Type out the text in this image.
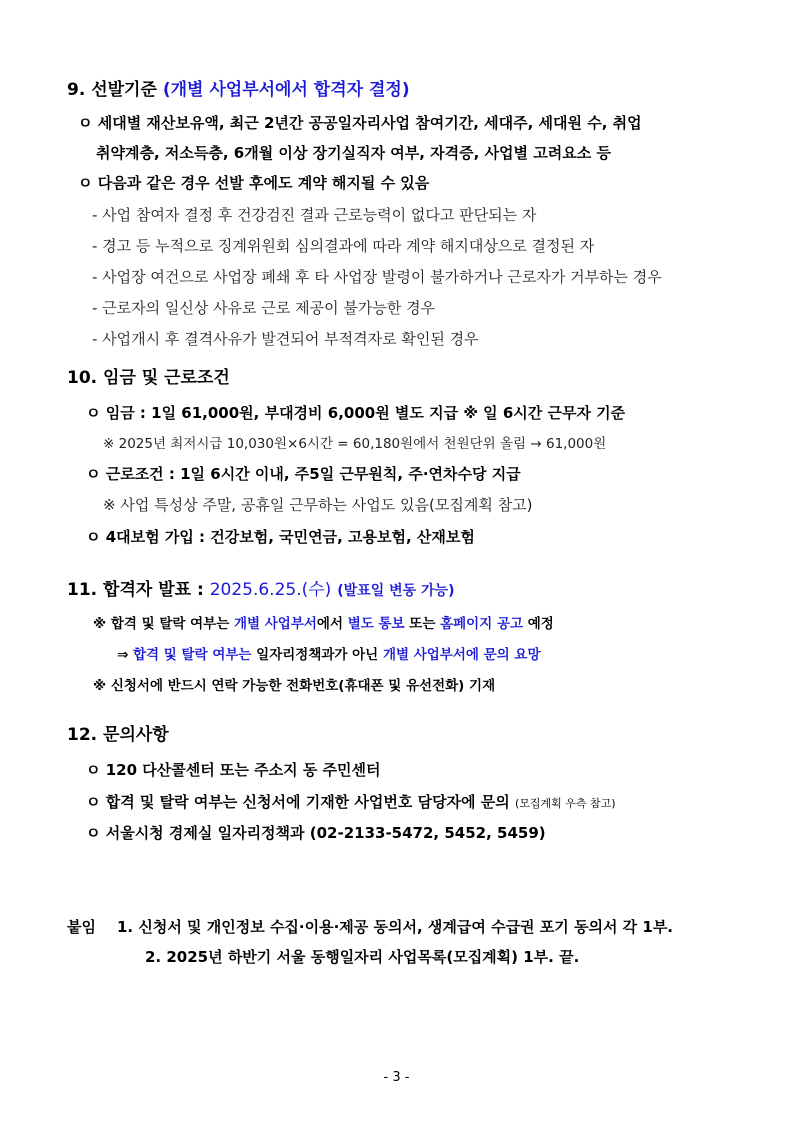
9. 선발기준 (개별 사업부서에서 합격자 결정)
ㅇ 세대별 재산보유액, 최근 2년간 공공일자리사업 참여기간, 세대주, 세대원 수, 취업
취약계층, 저소득층, 6개월 이상 장기실직자 여부, 자격증, 사업별 고려요소 등
ㅇ 다음과 같은 경우 선발 후에도 계약 해지될 수 있음
- 사업 참여자 결정 후 건강검진 결과 근로능력이 없다고 판단되는 자
- 경고 등 누적으로 징계위원회 심의결과에 따라 계약 해지대상으로 결정된 자
- 사업장 여건으로 사업장 폐쇄 후 타 사업장 발령이 불가하거나 근로자가 거부하는 경우
- 근로자의 일신상 사유로 근로 제공이 불가능한 경우
- 사업개시 후 결격사유가 발견되어 부적격자로 확인된 경우
10. 임금 및 근로조건
ㅇ 임금 : 1일 61,000원, 부대경비 6,000원 별도 지급 ※ 일 6시간 근무자 기준
※ 2025년 최저시급 10,030원×6시간 = 60,180원에서 천원단위 올림 → 61,000원
ㅇ 근로조건 : 1일 6시간 이내, 주5일 근무원칙, 주·연차수당 지급
※ 사업 특성상 주말, 공휴일 근무하는 사업도 있음(모집계획 참고)
ㅇ 4대보험 가입 : 건강보험, 국민연금, 고용보험, 산재보험
11. 합격자 발표 : 2025.6.25.(수) (발표일 변동 가능)
※ 합격 및 탈락 여부는 개별 사업부서에서 별도 통보 또는 홈페이지 공고 예정
⇒ 합격 및 탈락 여부는 일자리정책과가 아닌 개별 사업부서에 문의 요망
※ 신청서에 반드시 연락 가능한 전화번호(휴대폰 및 유선전화) 기재
12. 문의사항
ㅇ 120 다산콜센터 또는 주소지 동 주민센터
ㅇ 합격 및 탈락 여부는 신청서에 기재한 사업번호 담당자에 문의 (모집계획 우측 참고)
ㅇ 서울시청 경제실 일자리정책과 (02-2133-5472, 5452, 5459)
붙임 1. 신청서 및 개인정보 수집·이용·제공 동의서, 생계급여 수급권 포기 동의서 각 1부.
2. 2025년 하반기 서울 동행일자리 사업목록(모집계획) 1부. 끝.
- 3 -
